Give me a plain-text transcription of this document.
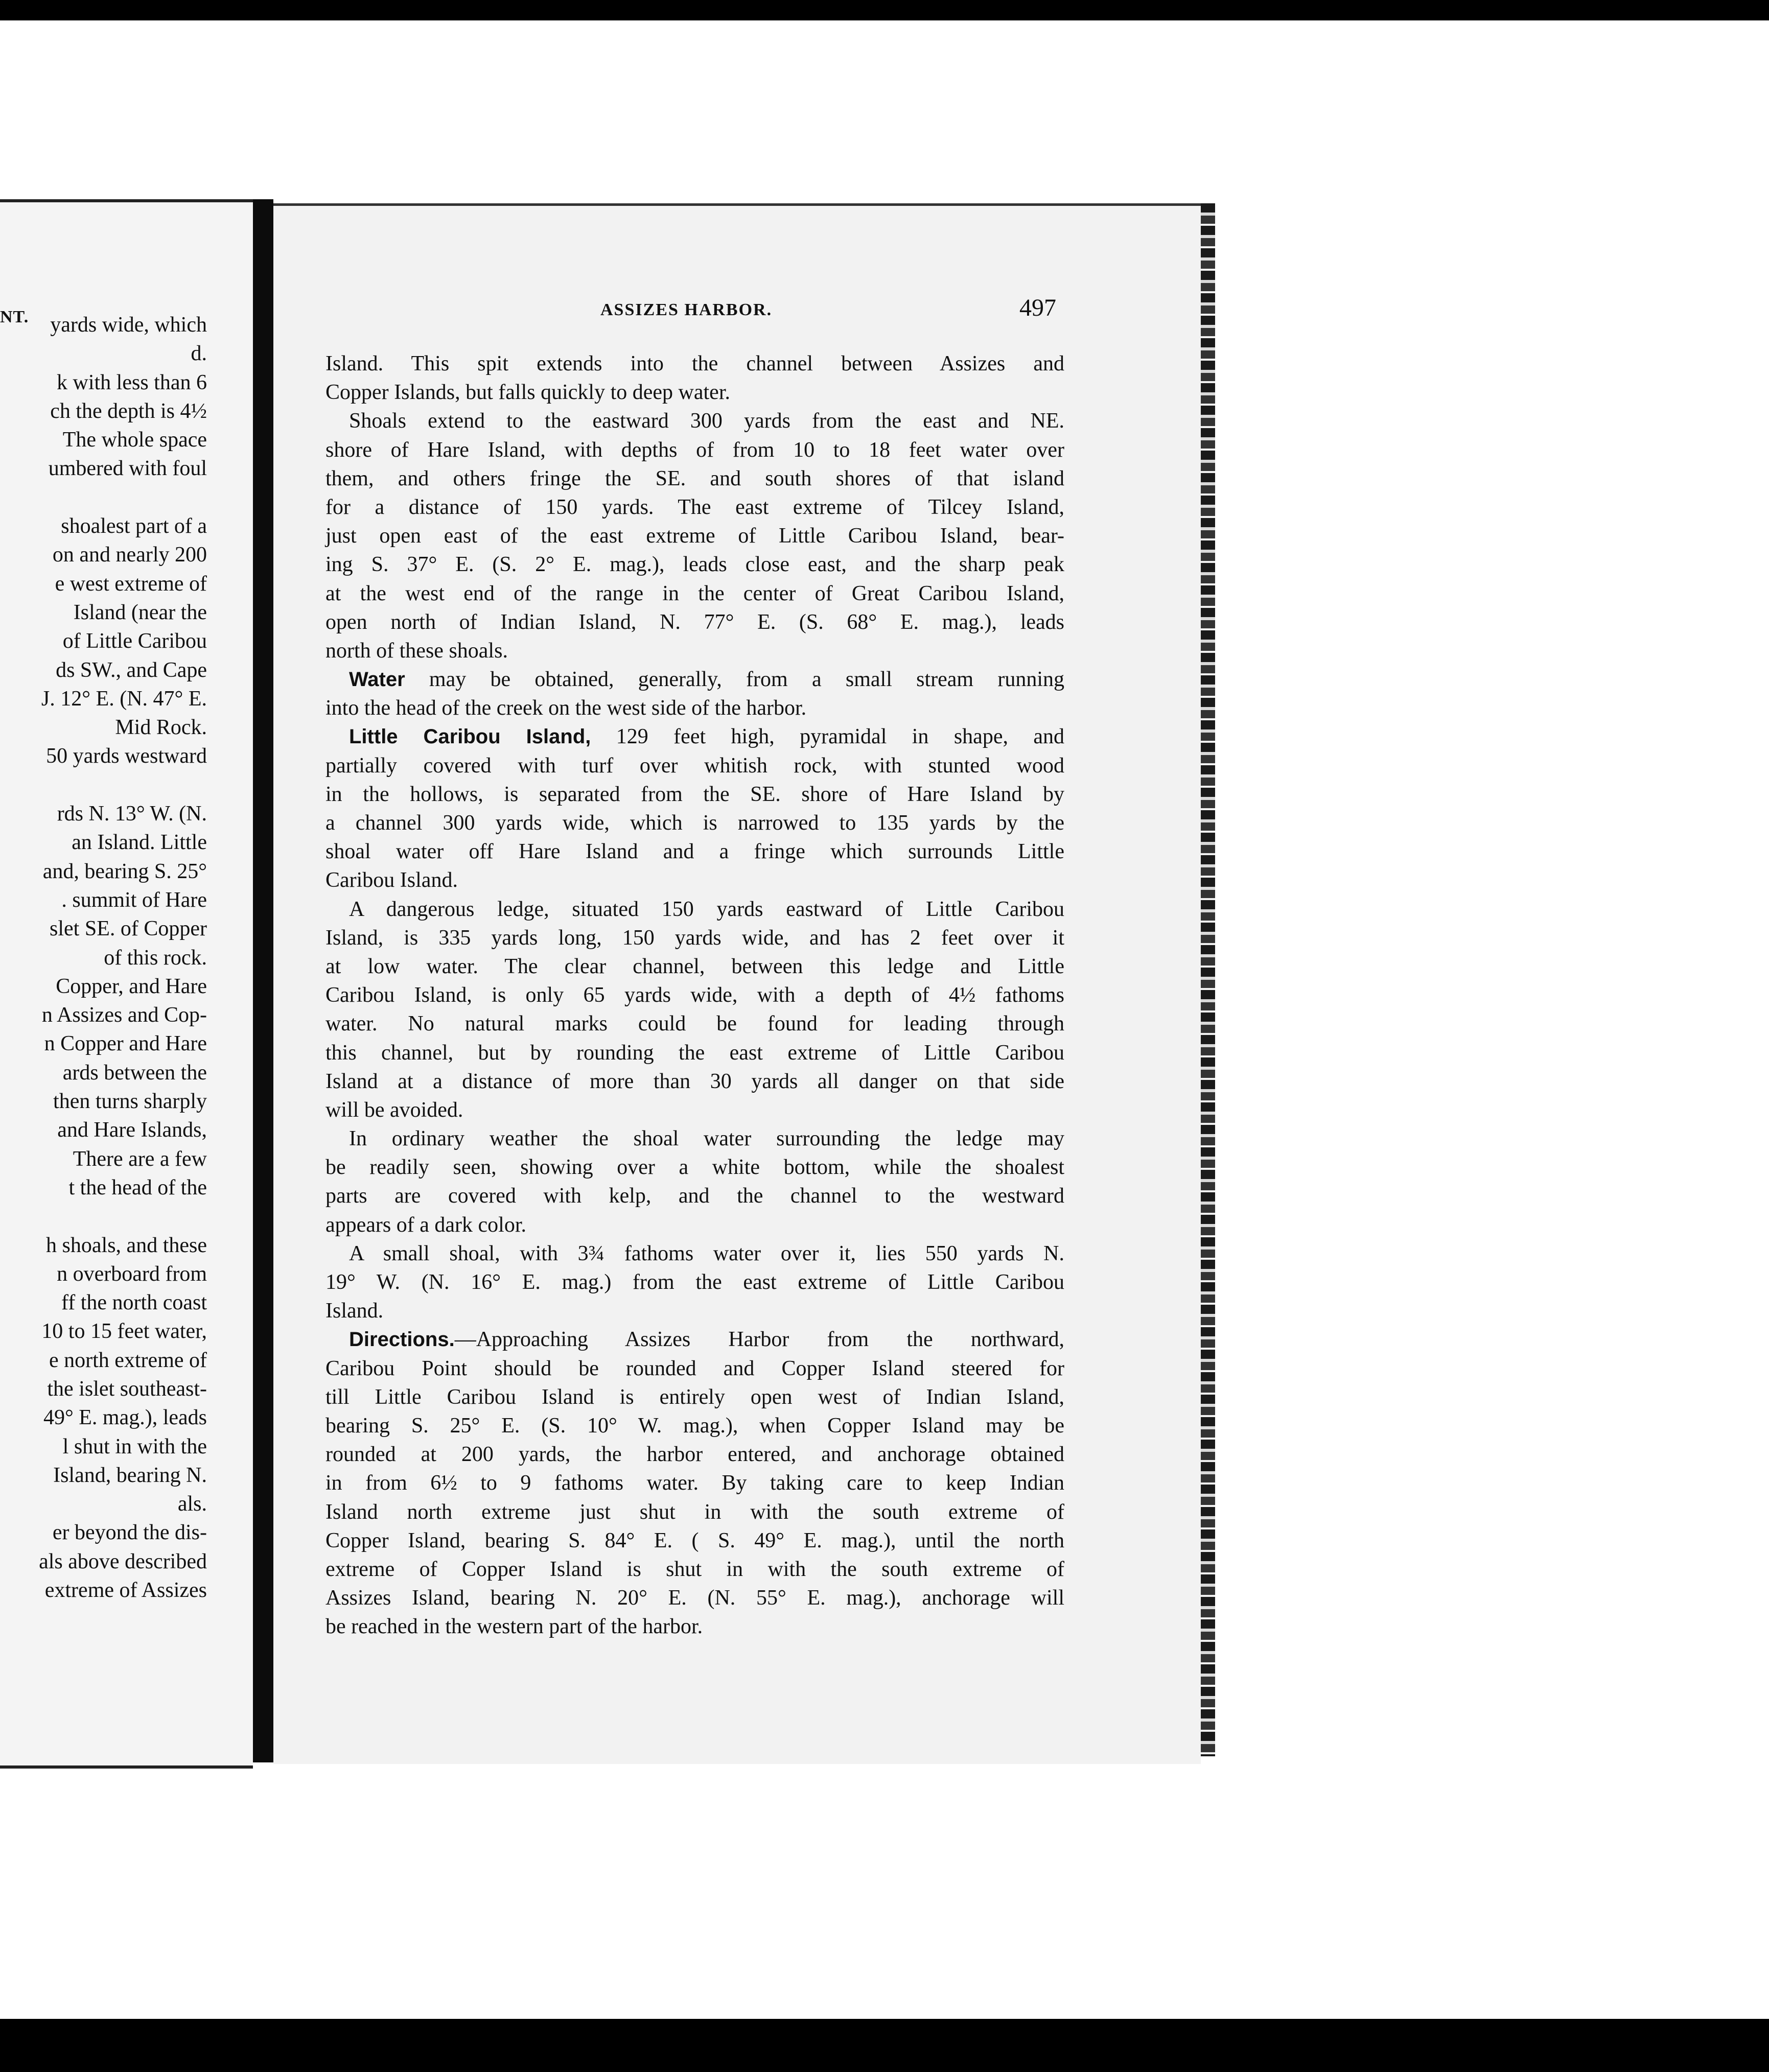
NT.	yards wide, which
d.
k with less than 6
ch the depth is 4½
The whole space
umbered with foul
shoalest part of a
on and nearly 200
e west extreme of
Island (near the
of Little Caribou
ds SW., and Cape
J. 12° E. (N. 47° E.
Mid Rock.
50 yards westward
rds N. 13° W. (N.
an Island. Little
and, bearing S. 25°
. summit of Hare
slet SE. of Copper
of this rock.
Copper, and Hare
n Assizes and Cop-
n Copper and Hare
ards between the
then turns sharply
and Hare Islands,
There are a few
t the head of the
h shoals, and these
n overboard from
ff the north coast
10 to 15 feet water,
e north extreme of
the islet southeast-
49° E. mag.), leads
l shut in with the
Island, bearing N.
als.
er beyond the dis-
als above described
extreme of Assizes
ASSIZES HARBOR.	497
Island. This spit extends into the channel between Assizes and
Copper Islands, but falls quickly to deep water.
Shoals extend to the eastward 300 yards from the east and NE.
shore of Hare Island, with depths of from 10 to 18 feet water over
them, and others fringe the SE. and south shores of that island
for a distance of 150 yards. The east extreme of Tilcey Island,
just open east of the east extreme of Little Caribou Island, bear-
ing S. 37° E. (S. 2° E. mag.), leads close east, and the sharp peak
at the west end of the range in the center of Great Caribou Island,
open north of Indian Island, N. 77° E. (S. 68° E. mag.), leads
north of these shoals.
Water may be obtained, generally, from a small stream running
into the head of the creek on the west side of the harbor.
Little Caribou Island, 129 feet high, pyramidal in shape, and
partially covered with turf over whitish rock, with stunted wood
in the hollows, is separated from the SE. shore of Hare Island by
a channel 300 yards wide, which is narrowed to 135 yards by the
shoal water off Hare Island and a fringe which surrounds Little
Caribou Island.
A dangerous ledge, situated 150 yards eastward of Little Caribou
Island, is 335 yards long, 150 yards wide, and has 2 feet over it
at low water. The clear channel, between this ledge and Little
Caribou Island, is only 65 yards wide, with a depth of 4½ fathoms
water. No natural marks could be found for leading through
this channel, but by rounding the east extreme of Little Caribou
Island at a distance of more than 30 yards all danger on that side
will be avoided.
In ordinary weather the shoal water surrounding the ledge may
be readily seen, showing over a white bottom, while the shoalest
parts are covered with kelp, and the channel to the westward
appears of a dark color.
A small shoal, with 3¾ fathoms water over it, lies 550 yards N.
19° W. (N. 16° E. mag.) from the east extreme of Little Caribou
Island.
Directions.—Approaching Assizes Harbor from the northward,
Caribou Point should be rounded and Copper Island steered for
till Little Caribou Island is entirely open west of Indian Island,
bearing S. 25° E. (S. 10° W. mag.), when Copper Island may be
rounded at 200 yards, the harbor entered, and anchorage obtained
in from 6½ to 9 fathoms water. By taking care to keep Indian
Island north extreme just shut in with the south extreme of
Copper Island, bearing S. 84° E. ( S. 49° E. mag.), until the north
extreme of Copper Island is shut in with the south extreme of
Assizes Island, bearing N. 20° E. (N. 55° E. mag.), anchorage will
be reached in the western part of the harbor.
